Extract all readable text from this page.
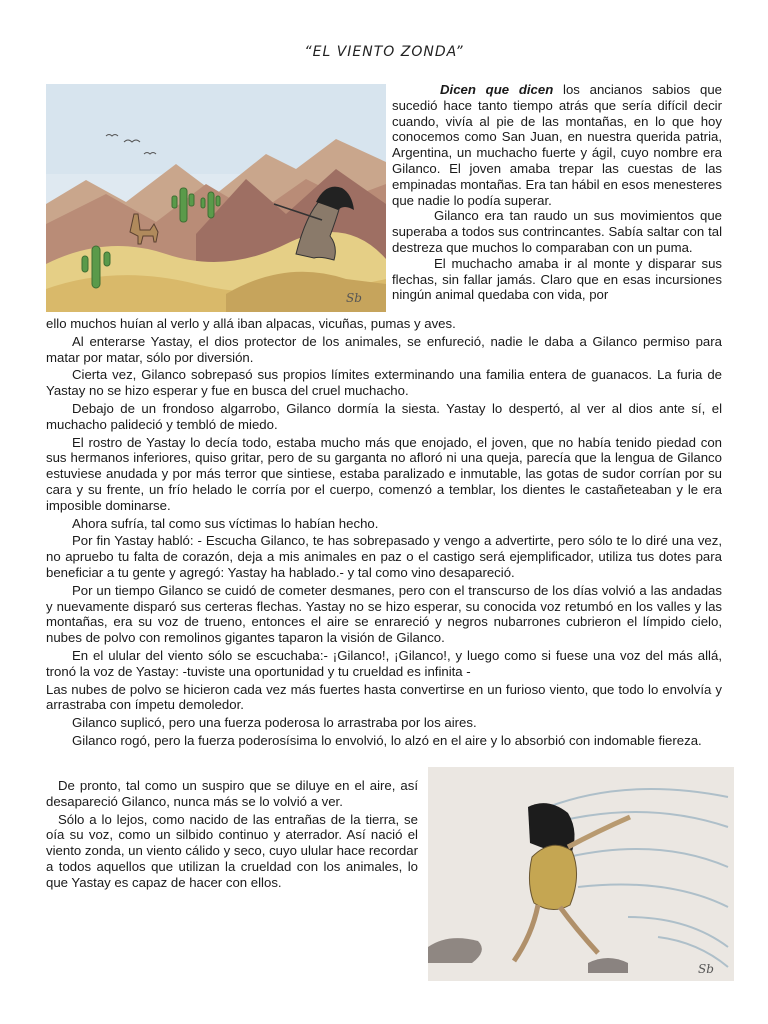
“EL VIENTO ZONDA”
Sb

Dicen que dicen los ancianos sabios que sucedió hace tanto tiempo atrás que sería difícil decir cuando, vivía al pie de las montañas, en lo que hoy conocemos como San Juan, en nuestra querida patria, Argentina, un muchacho fuerte y ágil, cuyo nombre era Gilanco. El joven amaba trepar las cuestas de las empinadas montañas. Era tan hábil en esos menesteres que nadie lo podía superar.

Gilanco era tan raudo un sus movimientos que superaba a todos sus contrincantes. Sabía saltar con tal destreza que muchos lo comparaban con un puma.

El muchacho amaba ir al monte y disparar sus flechas, sin fallar jamás. Claro que en esas incursiones ningún animal quedaba con vida, por

ello muchos huían al verlo y allá iban alpacas, vicuñas, pumas y aves.

Al enterarse Yastay, el dios protector de los animales, se enfureció, nadie le daba a Gilanco permiso para matar por matar, sólo por diversión.

Cierta vez, Gilanco sobrepasó sus propios límites exterminando una familia entera de guanacos. La furia de Yastay no se hizo esperar y fue en busca del cruel muchacho.

Debajo de un frondoso algarrobo, Gilanco dormía la siesta. Yastay lo despertó, al ver al dios ante sí, el muchacho palideció y tembló de miedo.

El rostro de Yastay lo decía todo, estaba mucho más que enojado, el joven, que no había tenido piedad con sus hermanos inferiores, quiso gritar, pero de su garganta no afloró ni una queja, parecía que la lengua de Gilanco estuviese anudada y por más terror que sintiese, estaba paralizado e inmutable, las gotas de sudor corrían por su cara y su frente, un frío helado le corría por el cuerpo, comenzó a temblar, los dientes le castañeteaban y le era imposible dominarse.

Ahora sufría, tal como sus víctimas lo habían hecho.

Por fin Yastay habló: - Escucha Gilanco, te has sobrepasado y vengo a advertirte, pero sólo te lo diré una vez, no apruebo tu falta de corazón, deja a mis animales en paz o el castigo será ejemplificador, utiliza tus dotes para beneficiar a tu gente y agregó: Yastay ha hablado.- y tal como vino desapareció.

Por un tiempo Gilanco se cuidó de cometer desmanes, pero con el transcurso de los días volvió a las andadas y nuevamente disparó sus certeras flechas. Yastay no se hizo esperar, su conocida voz retumbó en los valles y las montañas, era su voz de trueno, entonces el aire se enrareció y negros nubarrones cubrieron el límpido cielo, nubes de polvo con remolinos gigantes taparon la visión de Gilanco.

En el ulular del viento sólo se escuchaba:- ¡Gilanco!, ¡Gilanco!, y luego como si fuese una voz del más allá, tronó la voz de Yastay: -tuviste una oportunidad y tu crueldad es infinita -

Las nubes de polvo se hicieron cada vez más fuertes hasta convertirse en un furioso viento, que todo lo envolvía y arrastraba con ímpetu demoledor.

Gilanco suplicó, pero una fuerza poderosa lo arrastraba por los aires.

Gilanco rogó, pero la fuerza poderosísima lo envolvió, lo alzó en el aire y lo absorbió con indomable fiereza.

De pronto, tal como un suspiro que se diluye en el aire, así desapareció Gilanco, nunca más se lo volvió a ver.

Sólo a lo lejos, como nacido de las entrañas de la tierra, se oía su voz, como un silbido continuo y aterrador. Así nació el viento zonda, un viento cálido y seco, cuyo ulular hace recordar a todos aquellos que utilizan la crueldad con los animales, lo que Yastay es capaz de hacer con ellos.

Sb
